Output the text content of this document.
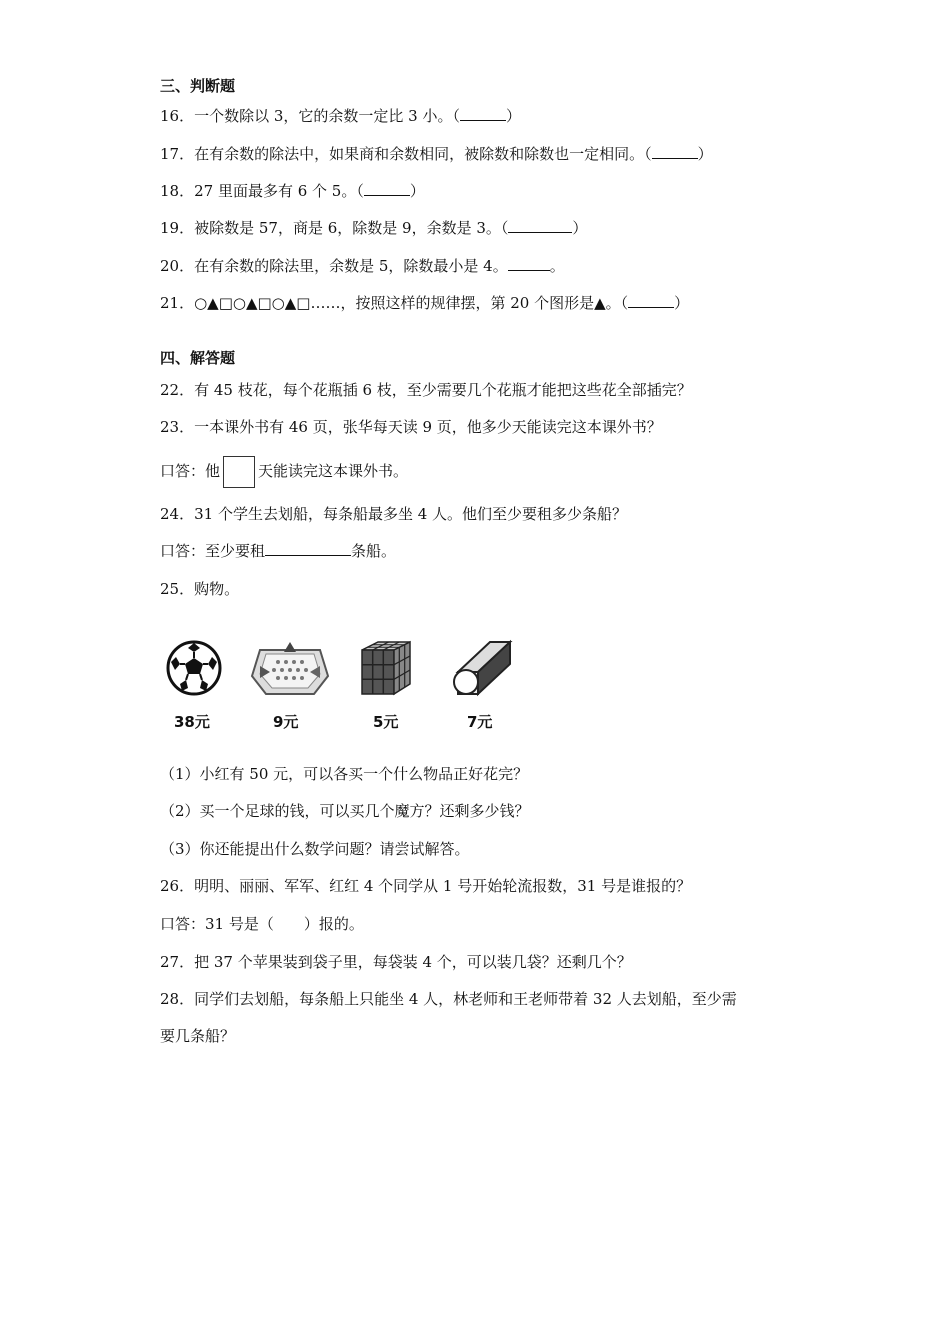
三、判断题
16．一个数除以 3，它的余数一定比 3 小。（	）
17．在有余数的除法中，如果商和余数相同，被除数和除数也一定相同。（	）
18．27 里面最多有 6 个 5。（	）
19．被除数是 57，商是 6，除数是 9，余数是 3。（	）
20．在有余数的除法里，余数是 5，除数最小是 4。	。
21．○▲□○▲□○▲□……，按照这样的规律摆，第 20 个图形是▲。（	）
四、解答题
22．有 45 枝花，每个花瓶插 6 枝，至少需要几个花瓶才能把这些花全部插完？
23．一本课外书有 46 页，张华每天读 9 页，他多少天能读完这本课外书？
口答：他	天能读完这本课外书。
24．31 个学生去划船，每条船最多坐 4 人。他们至少要租多少条船？
口答：至少要租	条船。
25．购物。
38元	9元	5元	7元
（1）小红有 50 元，可以各买一个什么物品正好花完？
（2）买一个足球的钱，可以买几个魔方？还剩多少钱？
（3）你还能提出什么数学问题？请尝试解答。
26．明明、丽丽、军军、红红 4 个同学从 1 号开始轮流报数，31 号是谁报的？
口答：31 号是（　　）报的。
27．把 37 个苹果装到袋子里，每袋装 4 个，可以装几袋？还剩几个？
28．同学们去划船，每条船上只能坐 4 人，林老师和王老师带着 32 人去划船，至少需
要几条船？
